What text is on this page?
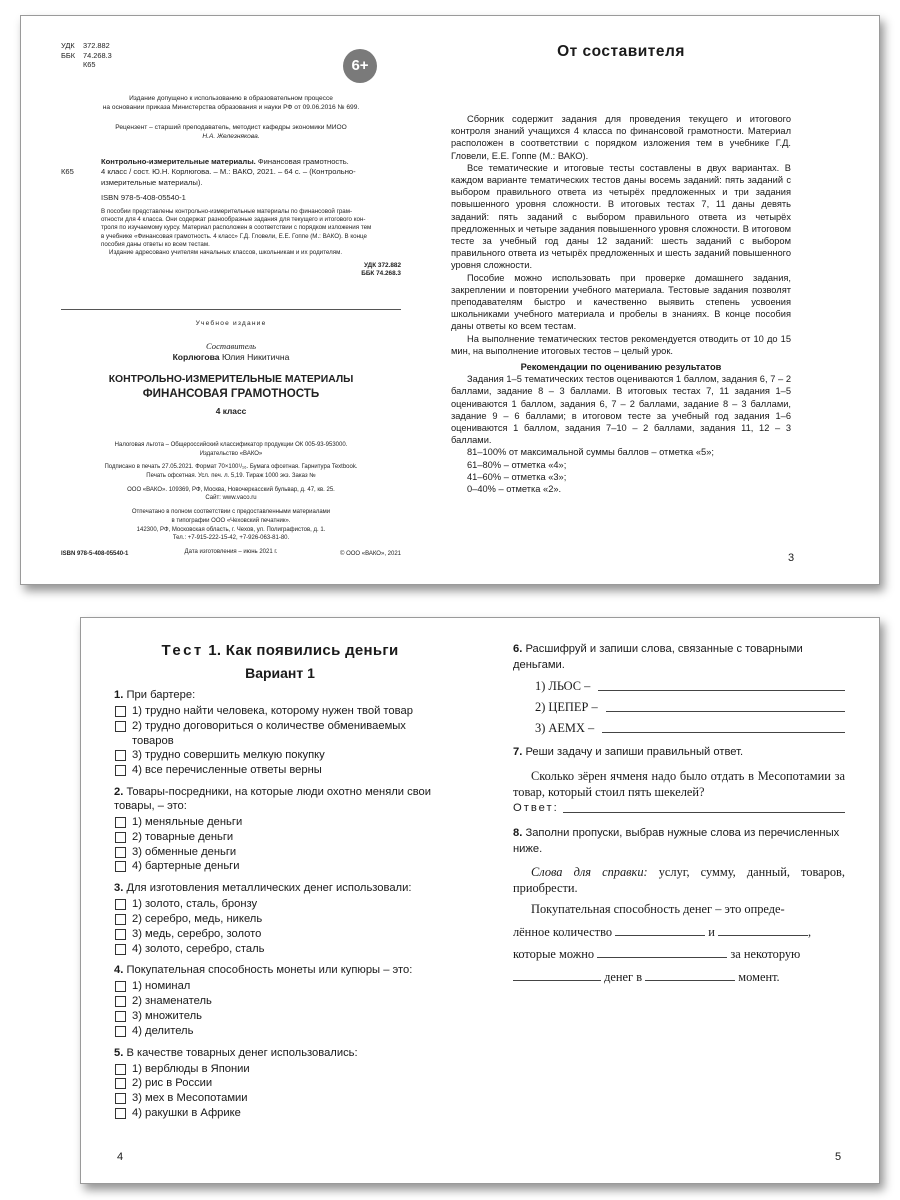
УДК 372.882
ББК 74.268.3
К65	6+
Издание допущено к использованию в образовательном процессе
на основании приказа Министерства образования и науки РФ от 09.06.2016 № 699.
Рецензент – старший преподаватель, методист кафедры экономики МИОО
Н.А. Железнякова.
Контрольно-измерительные материалы. Финансовая грамотность.
К65	4 класс / сост. Ю.Н. Корлюгова. – М.: ВАКО, 2021. – 64 с. – (Контрольно-
измерительные материалы).
ISBN 978-5-408-05540-1
В пособии представлены контрольно-измерительные материалы по финансовой грам-
отности для 4 класса. Они содержат разнообразные задания для текущего и итогового кон-
троля по изучаемому курсу. Материал расположен в соответствии с порядком изложения тем
в учебнике «Финансовая грамотность. 4 класс» Г.Д. Гловели, Е.Е. Гоппе (М.: ВАКО). В конце
пособия даны ответы ко всем тестам.
Издание адресовано учителям начальных классов, школьникам и их родителям.
УДК 372.882
ББК 74.268.3
Учебное издание
Составитель
Корлюгова Юлия Никитична
КОНТРОЛЬНО-ИЗМЕРИТЕЛЬНЫЕ МАТЕРИАЛЫ
ФИНАНСОВАЯ ГРАМОТНОСТЬ
4 класс
Налоговая льгота – Общероссийский классификатор продукции ОК 005-93-953000.
Издательство «ВАКО»
Подписано в печать 27.05.2021. Формат 70×100¹/₁₆. Бумага офсетная. Гарнитура Textbook.
Печать офсетная. Усл. печ. л. 5,19. Тираж 1000 экз. Заказ №
ООО «ВАКО». 109369, РФ, Москва, Новочеркасский бульвар, д. 47, кв. 25.
Сайт: www.vaco.ru
Отпечатано в полном соответствии с предоставленными материалами
в типографии ООО «Чеховский печатник».
142300, РФ, Московская область, г. Чехов, ул. Полиграфистов, д. 1.
Тел.: +7-915-222-15-42, +7-926-063-81-80.
Дата изготовления – июнь 2021 г.
ISBN 978-5-408-05540-1	© ООО «ВАКО», 2021
От составителя

Сборник содержит задания для проведения текущего и итогового контроля знаний учащихся 4 класса по финансовой грамотности. Материал расположен в соответствии с порядком изложения тем в учебнике Г.Д. Гловели, Е.Е. Гоппе (М.: ВАКО).

Все тематические и итоговые тесты составлены в двух вариантах. В каждом варианте тематических тестов даны восемь заданий: пять заданий с выбором правильного ответа из четырёх предложенных и три задания повышенного уровня сложности. В итоговых тестах 7, 11 даны девять заданий: пять заданий с выбором правильного ответа из четырёх предложенных и четыре задания повышенного уровня сложности. В итоговом тесте за учебный год даны 12 заданий: шесть заданий с выбором правильного ответа из четырёх предложенных и шесть заданий повышенного уровня сложности.

Пособие можно использовать при проверке домашнего задания, закреплении и повторении учебного материала. Тестовые задания позволят преподавателям быстро и качественно выявить степень усвоения школьниками учебного материала и пробелы в знаниях. В конце пособия даны ответы ко всем тестам.

На выполнение тематических тестов рекомендуется отводить от 10 до 15 мин, на выполнение итоговых тестов – целый урок.

Рекомендации по оцениванию результатов

Задания 1–5 тематических тестов оцениваются 1 баллом, задания 6, 7 – 2 баллами, задание 8 – 3 баллами. В итоговых тестах 7, 11 задания 1–5 оцениваются 1 баллом, задания 6, 7 – 2 баллами, задание 8 – 3 баллами, задание 9 – 6 баллами; в итоговом тесте за учебный год задания 1–6 оцениваются 1 баллом, задания 7–10 – 2 баллами, задания 11, 12 – 3 баллами.

81–100% от максимальной суммы баллов – отметка «5»;
61–80% – отметка «4»;
41–60% – отметка «3»;
0–40% – отметка «2».
3
Тест 1. Как появились деньги
Вариант 1
1. При бартере:
1) трудно найти человека, которому нужен твой товар
2) трудно договориться о количестве обмениваемых товаров
3) трудно совершить мелкую покупку
4) все перечисленные ответы верны
2. Товары-посредники, на которые люди охотно меняли свои товары, – это:
1) меняльные деньги
2) товарные деньги
3) обменные деньги
4) бартерные деньги
3. Для изготовления металлических денег использовали:
1) золото, сталь, бронзу
2) серебро, медь, никель
3) медь, серебро, золото
4) золото, серебро, сталь
4. Покупательная способность монеты или купюры – это:
1) номинал
2) знаменатель
3) множитель
4) делитель
5. В качестве товарных денег использовались:
1) верблюды в Японии
2) рис в России
3) мех в Месопотамии
4) ракушки в Африке
6. Расшифруй и запиши слова, связанные с товарными деньгами.
1) ЛЬОС –
2) ЦЕПЕР –
3) АЕМХ –
7. Реши задачу и запиши правильный ответ.
Сколько зёрен ячменя надо было отдать в Месопотамии за товар, который стоил пять шекелей?
Ответ:
8. Заполни пропуски, выбрав нужные слова из перечисленных ниже.
Слова для справки: услуг, сумму, данный, товаров, приобрести.
Покупательная способность денег – это опреде-
лённое количество	и	,
которые можно	за некоторую
денег в	момент.
4	5
